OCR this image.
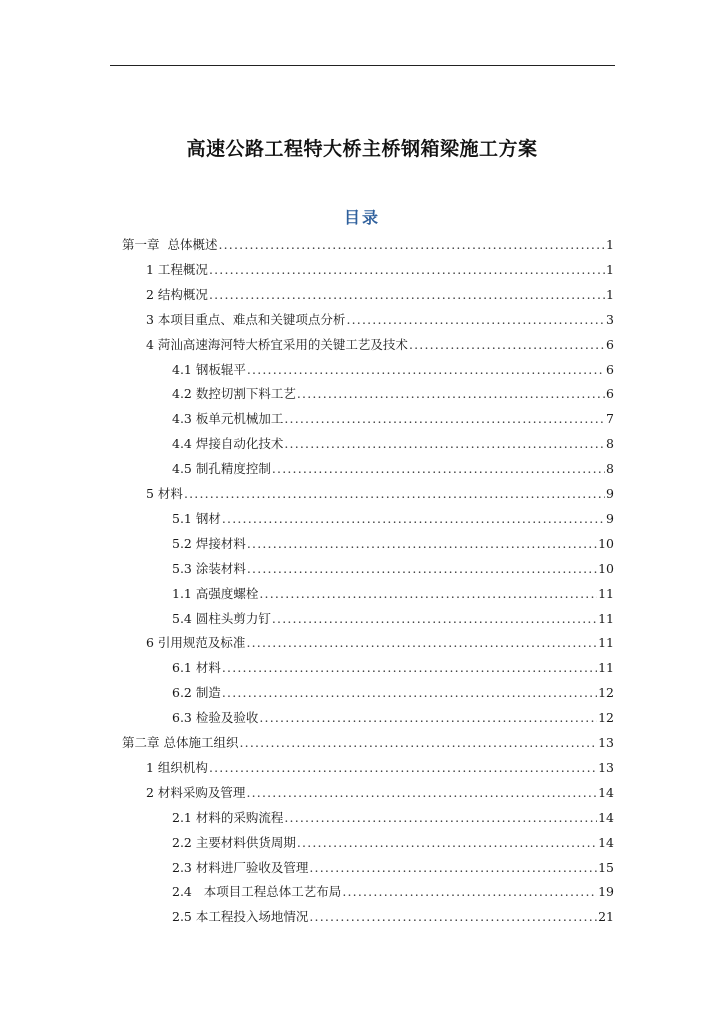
高速公路工程特大桥主桥钢箱梁施工方案
目录
第一章  总体概述 .....	1
1 工程概况 .....	1
2 结构概况 .....	1
3 本项目重点、难点和关键项点分析 .....	3
4 菏汕高速海河特大桥宜采用的关键工艺及技术 .....	6
4.1 钢板辊平 .....	6
4.2 数控切割下料工艺 .....	6
4.3 板单元机械加工 .....	7
4.4 焊接自动化技术 .....	8
4.5 制孔精度控制 .....	8
5 材料 .....	9
5.1 钢材 .....	9
5.2 焊接材料 .....	10
5.3 涂装材料 .....	10
1.1 高强度螺栓 .....	11
5.4 圆柱头剪力钉 .....	11
6 引用规范及标准 .....	11
6.1 材料 .....	11
6.2 制造 .....	12
6.3 检验及验收 .....	12
第二章 总体施工组织 .....	13
1 组织机构 .....	13
2 材料采购及管理 .....	14
2.1 材料的采购流程 .....	14
2.2 主要材料供货周期 .....	14
2.3 材料进厂验收及管理 .....	15
2.4   本项目工程总体工艺布局 .....	19
2.5 本工程投入场地情况 .....	21
